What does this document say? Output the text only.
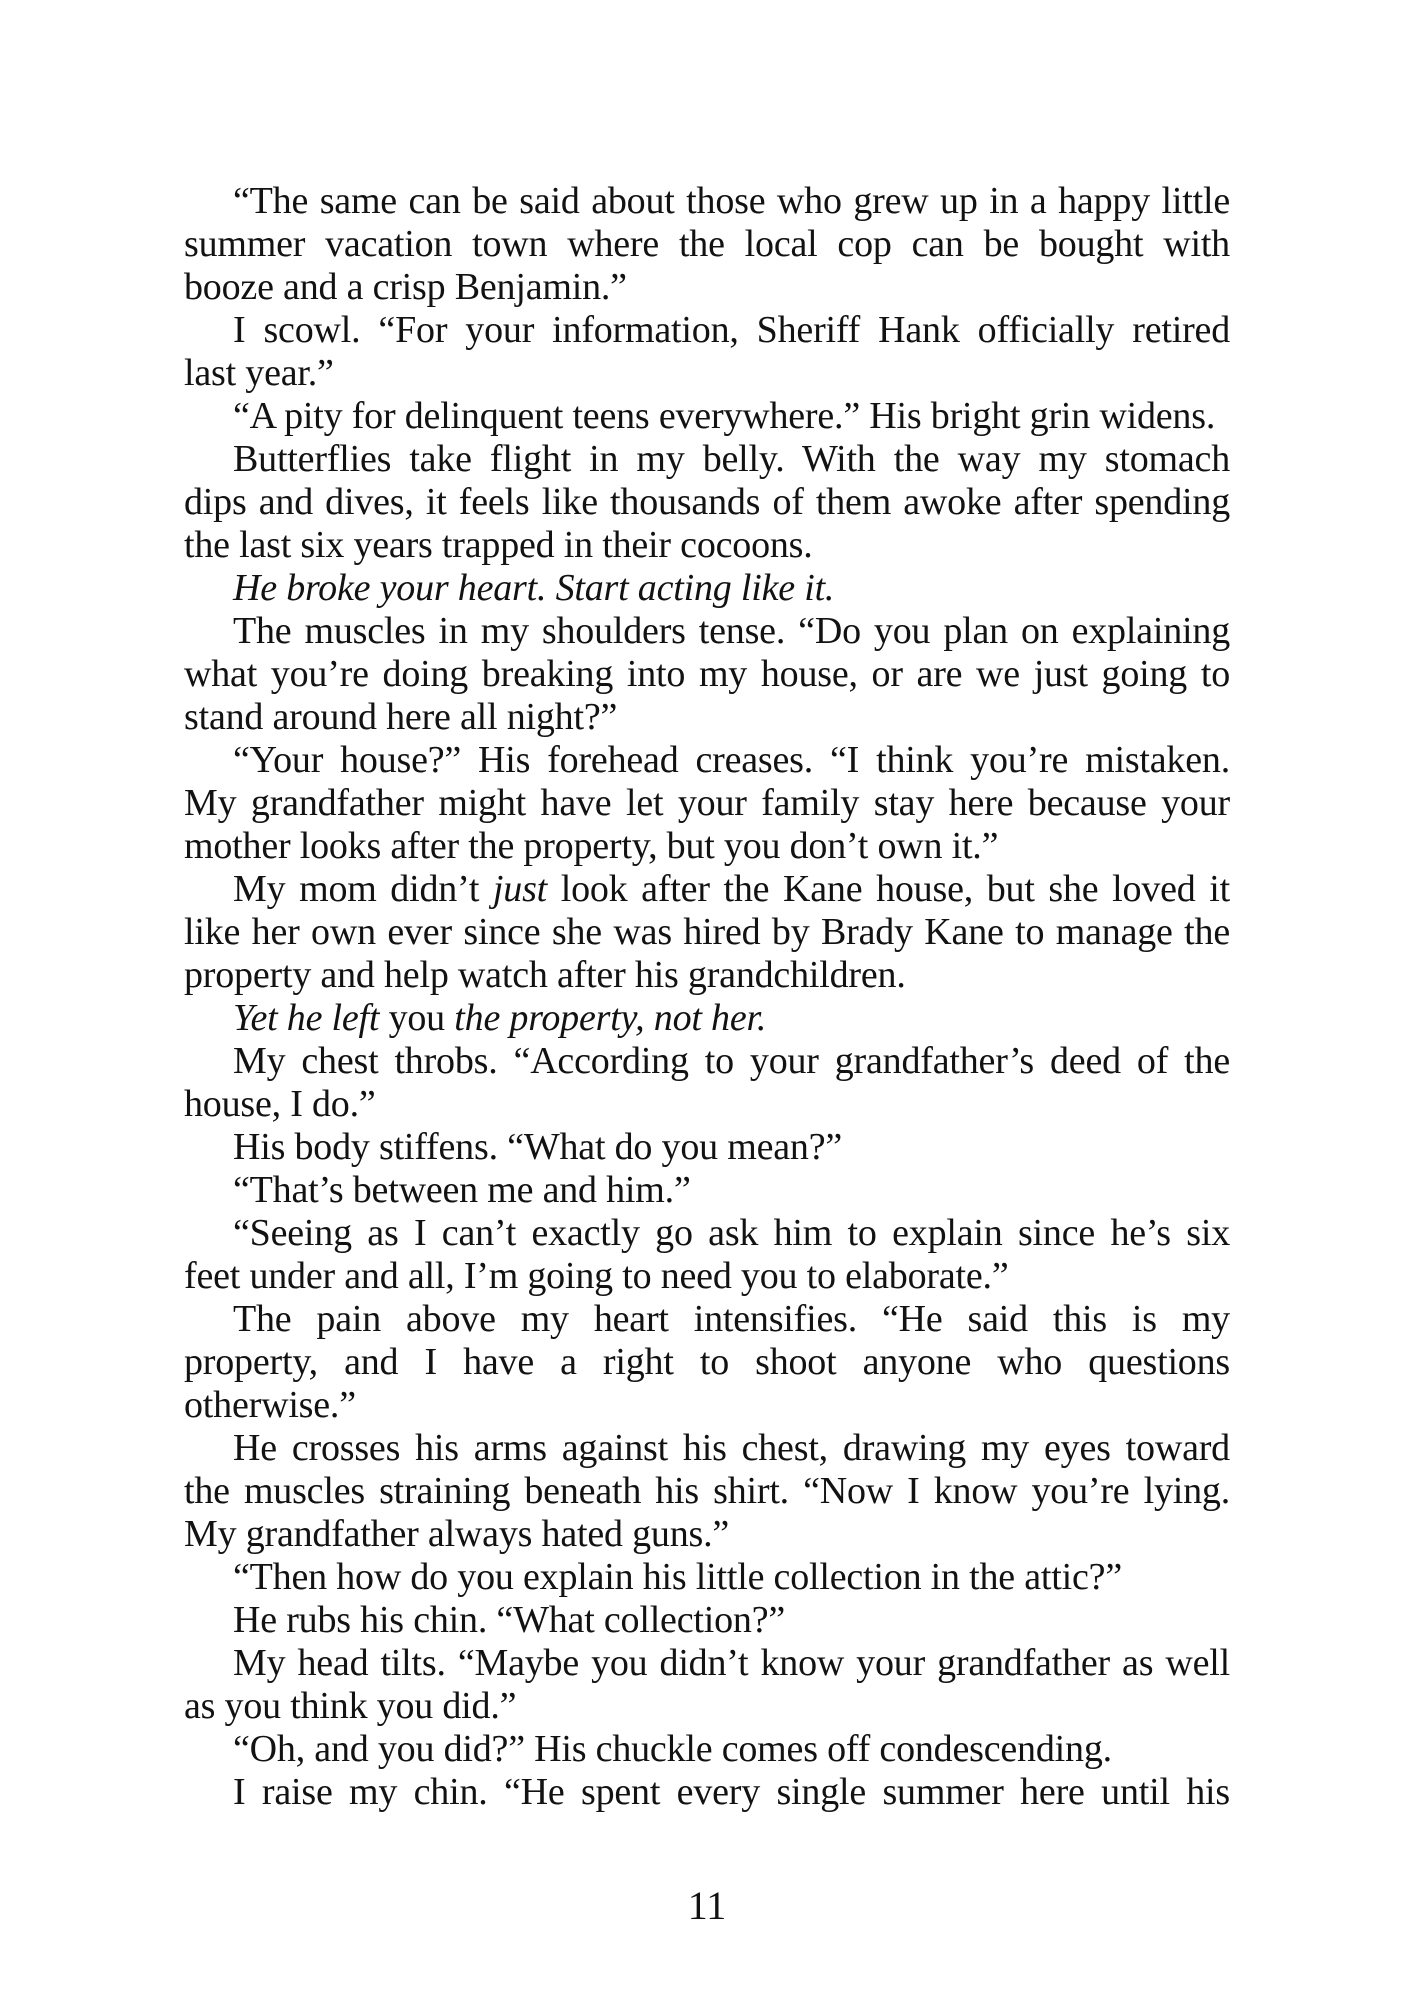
“The same can be said about those who grew up in a happy little
summer vacation town where the local cop can be bought with
booze and a crisp Benjamin.”
I scowl. “For your information, Sheriff Hank officially retired
last year.”
“A pity for delinquent teens everywhere.” His bright grin widens.
Butterflies take flight in my belly. With the way my stomach
dips and dives, it feels like thousands of them awoke after spending
the last six years trapped in their cocoons.
He broke your heart. Start acting like it.
The muscles in my shoulders tense. “Do you plan on explaining
what you’re doing breaking into my house, or are we just going to
stand around here all night?”
“Your house?” His forehead creases. “I think you’re mistaken.
My grandfather might have let your family stay here because your
mother looks after the property, but you don’t own it.”
My mom didn’t just look after the Kane house, but she loved it
like her own ever since she was hired by Brady Kane to manage the
property and help watch after his grandchildren.
Yet he left you the property, not her.
My chest throbs. “According to your grandfather’s deed of the
house, I do.”
His body stiffens. “What do you mean?”
“That’s between me and him.”
“Seeing as I can’t exactly go ask him to explain since he’s six
feet under and all, I’m going to need you to elaborate.”
The pain above my heart intensifies. “He said this is my
property, and I have a right to shoot anyone who questions
otherwise.”
He crosses his arms against his chest, drawing my eyes toward
the muscles straining beneath his shirt. “Now I know you’re lying.
My grandfather always hated guns.”
“Then how do you explain his little collection in the attic?”
He rubs his chin. “What collection?”
My head tilts. “Maybe you didn’t know your grandfather as well
as you think you did.”
“Oh, and you did?” His chuckle comes off condescending.
I raise my chin. “He spent every single summer here until his
11
